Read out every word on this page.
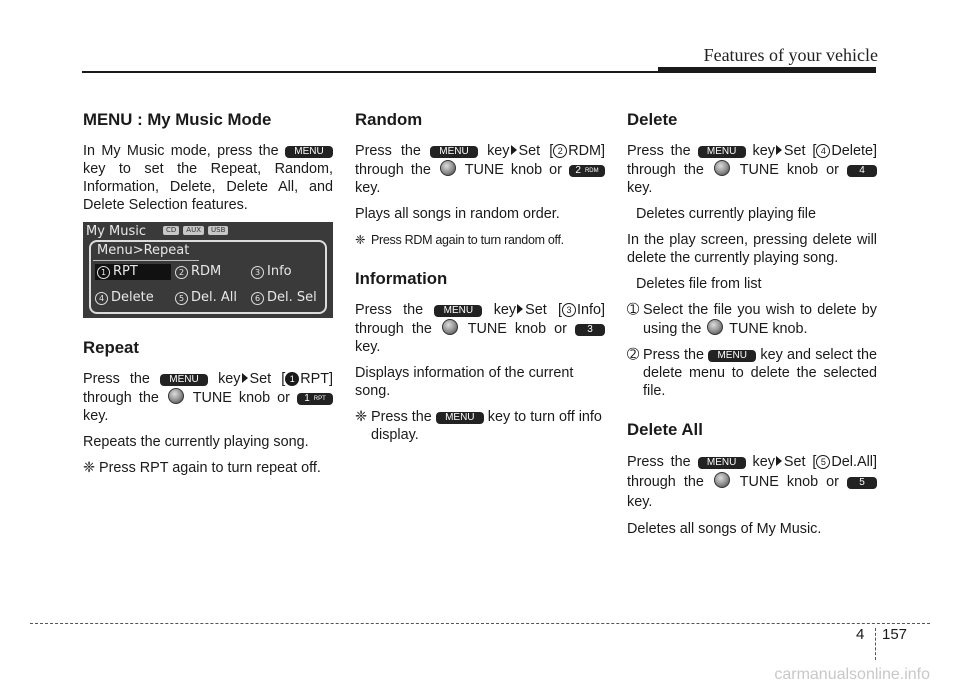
Features of your vehicle
MENU : My Music Mode

In My Music mode, press the MENU key to set the Repeat, Random, Information, Delete, Delete All, and Delete Selection features.

My Music	CD	AUX	USB
Menu>Repeat
1 RPT	2 RDM	3 Info
4 Delete	5 Del. All	6 Del. Sel
Repeat

Press the MENU key Set [ 1 RPT] through the TUNE knob or 1 RPT key.

Repeats the currently playing song.

❈ Press RPT again to turn repeat off.
Random

Press the MENU key Set [ 2 RDM] through the TUNE knob or 2 RDM key.

Plays all songs in random order.

❈ Press RDM again to turn random off.
Information

Press the MENU key Set [ 3 Info] through the TUNE knob or 3 key.

Displays information of the current song.

❈ Press the MENU key to turn off info display.
Delete

Press the MENU key Set [ 4 Delete] through the TUNE knob or 4 key.

Deletes currently playing file

In the play screen, pressing delete will delete the currently playing song.

Deletes file from list

➀ Select the file you wish to delete by using the TUNE knob.
➁ Press the MENU key and select the delete menu to delete the selected file.
Delete All

Press the MENU key Set [ 5 Del.All] through the TUNE knob or 5 key.

Deletes all songs of My Music.

4 157
carmanualsonline.info
